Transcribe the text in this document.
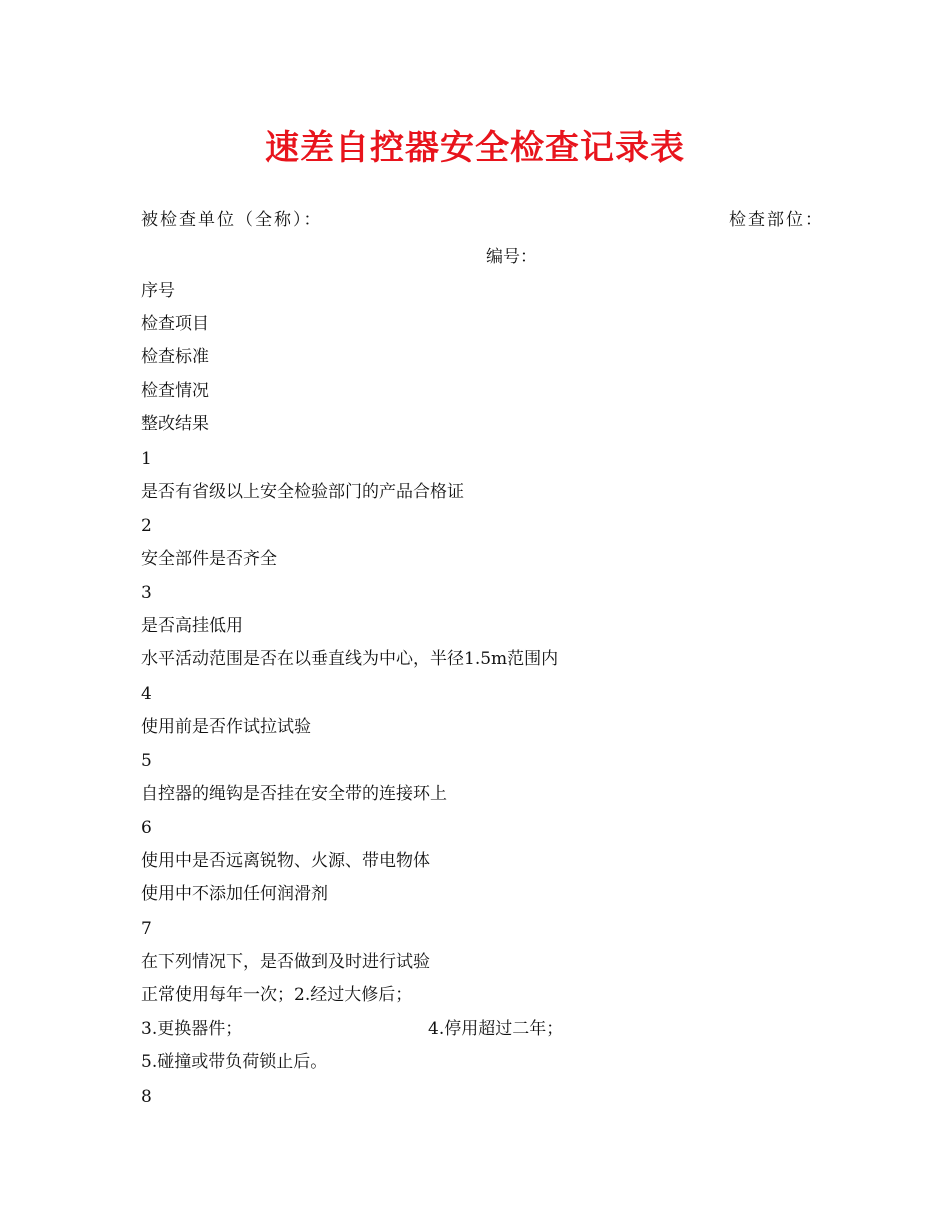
速差自控器安全检查记录表
被检查单位（全称）：	检查部位：
编号：
序号
检查项目
检查标准
检查情况
整改结果
1
是否有省级以上安全检验部门的产品合格证
2
安全部件是否齐全
3
是否高挂低用
水平活动范围是否在以垂直线为中心，半径1.5m范围内
4
使用前是否作试拉试验
5
自控器的绳钩是否挂在安全带的连接环上
6
使用中是否远离锐物、火源、带电物体
使用中不添加任何润滑剂
7
在下列情况下，是否做到及时进行试验
正常使用每年一次；2.经过大修后；
3.更换器件；	4.停用超过二年；
5.碰撞或带负荷锁止后。
8
